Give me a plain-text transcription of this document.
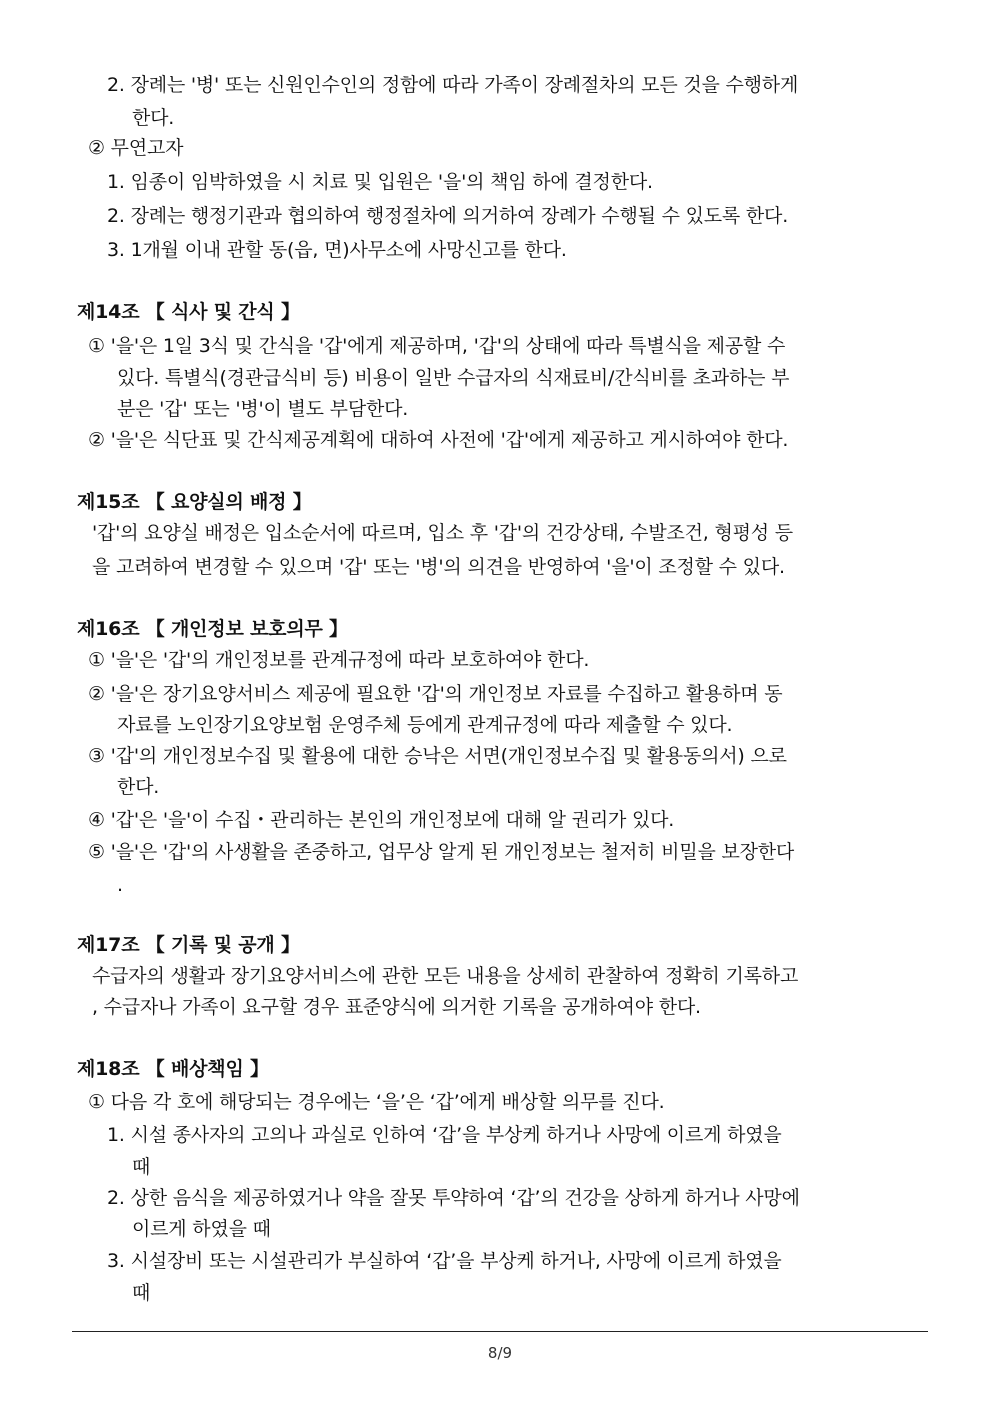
2. 장례는 '병' 또는 신원인수인의 정함에 따라 가족이 장례절차의 모든 것을 수행하게
한다.
② 무연고자
1. 임종이 임박하였을 시 치료 및 입원은 '을'의 책임 하에 결정한다.
2. 장례는 행정기관과 협의하여 행정절차에 의거하여 장례가 수행될 수 있도록 한다.
3. 1개월 이내 관할 동(읍, 면)사무소에 사망신고를 한다.
제14조 【 식사 및 간식 】
① '을'은 1일 3식 및 간식을 '갑'에게 제공하며, '갑'의 상태에 따라 특별식을 제공할 수
있다. 특별식(경관급식비 등) 비용이 일반 수급자의 식재료비/간식비를 초과하는 부
분은 '갑' 또는 '병'이 별도 부담한다.
② '을'은 식단표 및 간식제공계획에 대하여 사전에 '갑'에게 제공하고 게시하여야 한다.
제15조 【 요양실의 배정 】
'갑'의 요양실 배정은 입소순서에 따르며, 입소 후 '갑'의 건강상태, 수발조건, 형평성 등
을 고려하여 변경할 수 있으며 '갑' 또는 '병'의 의견을 반영하여 '을'이 조정할 수 있다.
제16조 【 개인정보 보호의무 】
① '을'은 '갑'의 개인정보를 관계규정에 따라 보호하여야 한다.
② '을'은 장기요양서비스 제공에 필요한 '갑'의 개인정보 자료를 수집하고 활용하며 동
자료를 노인장기요양보험 운영주체 등에게 관계규정에 따라 제출할 수 있다.
③ '갑'의 개인정보수집 및 활용에 대한 승낙은 서면(개인정보수집 및 활용동의서) 으로
한다.
④ '갑'은 '을'이 수집・관리하는 본인의 개인정보에 대해 알 권리가 있다.
⑤ '을'은 '갑'의 사생활을 존중하고, 업무상 알게 된 개인정보는 철저히 비밀을 보장한다
.
제17조 【 기록 및 공개 】
수급자의 생활과 장기요양서비스에 관한 모든 내용을 상세히 관찰하여 정확히 기록하고
, 수급자나 가족이 요구할 경우 표준양식에 의거한 기록을 공개하여야 한다.
제18조 【 배상책임 】
① 다음 각 호에 해당되는 경우에는 ‘을’은 ‘갑’에게 배상할 의무를 진다.
1. 시설 종사자의 고의나 과실로 인하여 ‘갑’을 부상케 하거나 사망에 이르게 하였을
때
2. 상한 음식을 제공하였거나 약을 잘못 투약하여 ‘갑’의 건강을 상하게 하거나 사망에
이르게 하였을 때
3. 시설장비 또는 시설관리가 부실하여 ‘갑’을 부상케 하거나, 사망에 이르게 하였을
때
8/9
